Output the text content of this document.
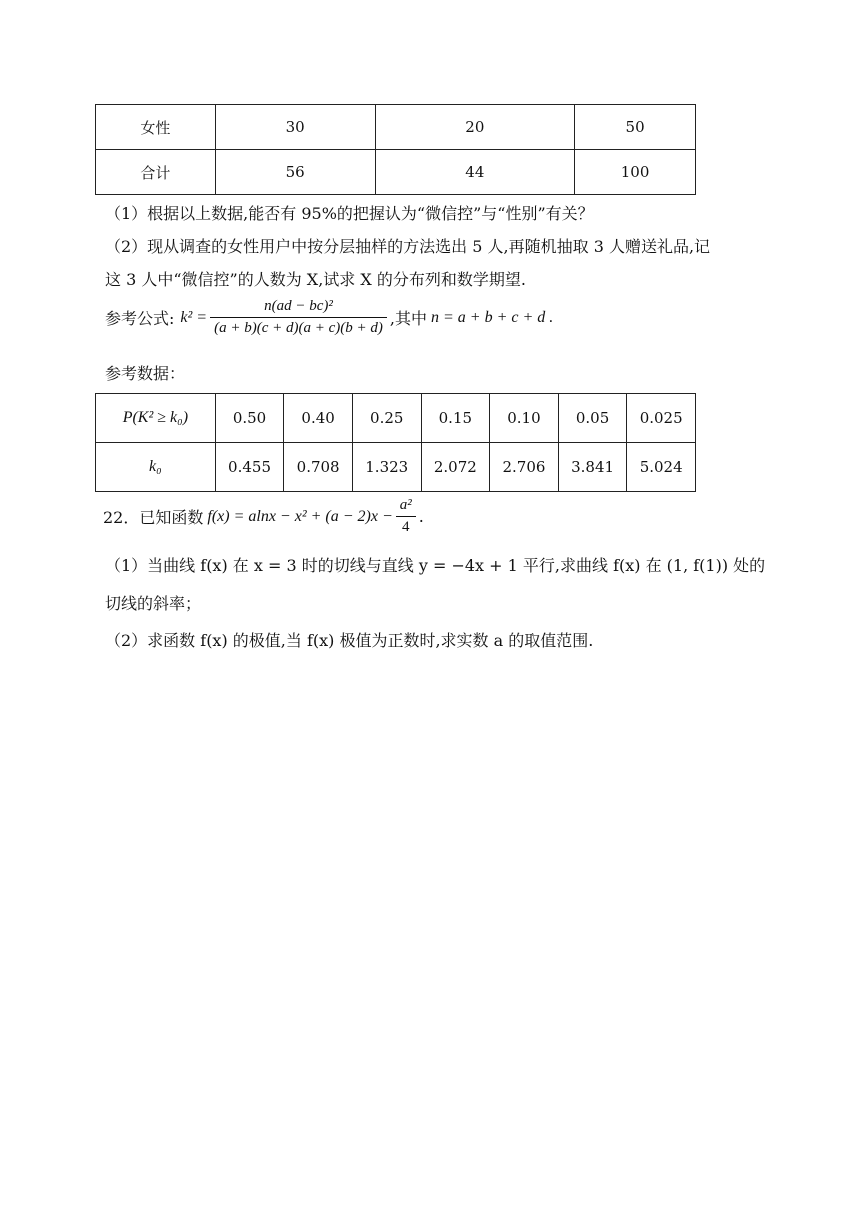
女性	30	20	50
合计	56	44	100
（1）根据以上数据,能否有 95%的把握认为“微信控”与“性别”有关？
（2）现从调查的女性用户中按分层抽样的方法选出 5 人,再随机抽取 3 人赠送礼品,记
这 3 人中“微信控”的人数为 X,试求 X 的分布列和数学期望.
参考公式: $k^2 = \frac{\text{n(ad − bc)²}}{(a + b)(c + d)(a + c)(b + d)}$ ,其中 n = a + b + c + d .
参考数据：
P(K² ≥ k₀)	0.50	0.40	0.25	0.15	0.10	0.05	0.025
k₀	0.455	0.708	1.323	2.072	2.706	3.841	5.024
22．已知函数 $f(x) = alnx - x^2 + (a - 2)x - \frac{\text{a²}}{4}$ .
（1）当曲线 f(x) 在 x = 3 时的切线与直线 y = −4x + 1 平行,求曲线 f(x) 在 (1, f(1)) 处的
切线的斜率；
（2）求函数 f(x) 的极值,当 f(x) 极值为正数时,求实数 a 的取值范围.
